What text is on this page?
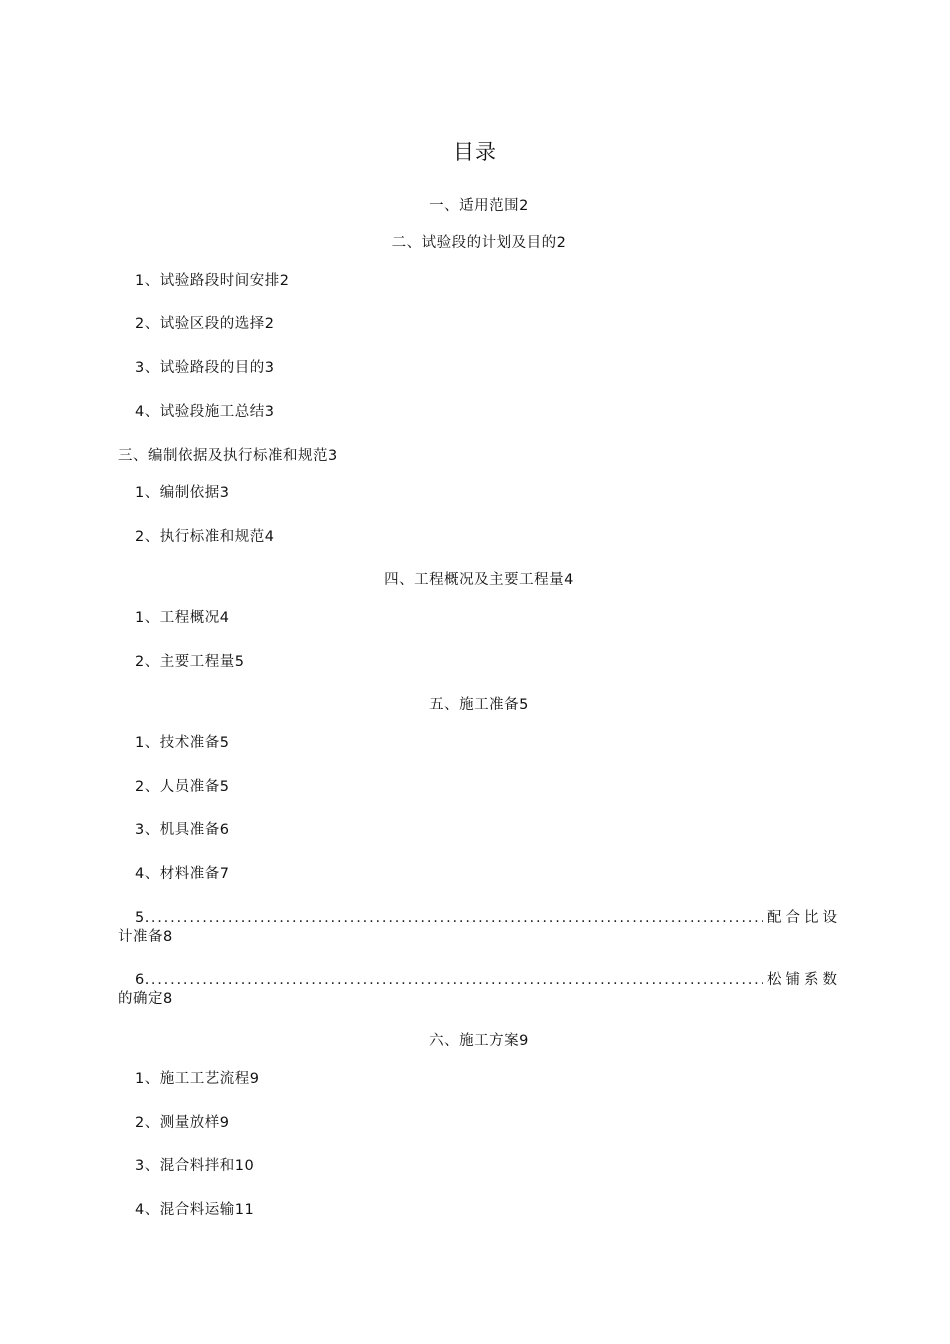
目录
一、适用范围2
二、试验段的计划及目的2
1、试验路段时间安排2
2、试验区段的选择2
3、试验路段的目的3
4、试验段施工总结3
三、编制依据及执行标准和规范3
1、编制依据3
2、执行标准和规范4
四、工程概况及主要工程量4
1、工程概况4
2、主要工程量5
五、施工准备5
1、技术准备5
2、人员准备5
3、机具准备6
4、材料准备7
5. . . .	配合比设
计准备8
6. . . .	松铺系数
的确定8
六、施工方案9
1、施工工艺流程9
2、测量放样9
3、混合料拌和10
4、混合料运输11
